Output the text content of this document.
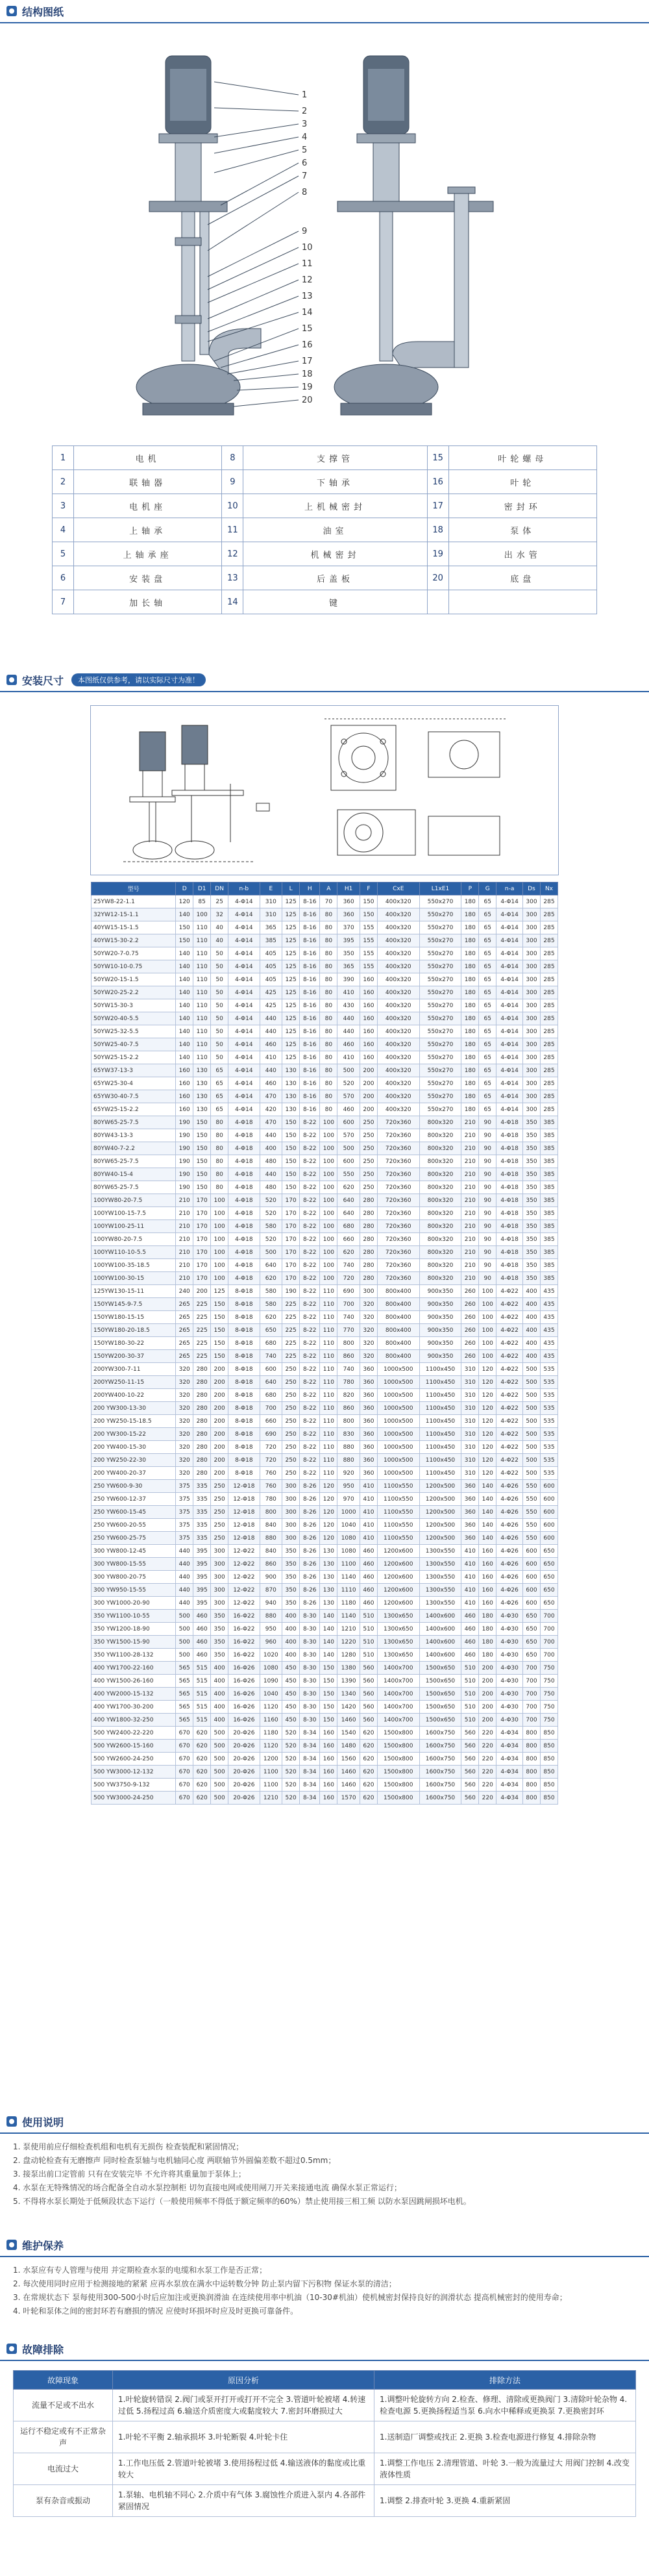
结构图纸
1
2
3
4
5
6
7
8
9
10
11
12
13
14
15
16
17
18
19
20
1	电机	8	支撑管	15	叶轮螺母
2	联轴器	9	下轴承	16	叶轮
3	电机座	10	上机械密封	17	密封环
4	上轴承	11	油室	18	泵体
5	上轴承座	12	机械密封	19	出水管
6	安装盘	13	后盖板	20	底盘
7	加长轴	14	键		
安装尺寸	本图纸仅供参考，请以实际尺寸为准！
型号	D	D1	DN	n-b	E	L	H	A	H1	F	CxE	L1xE1	P	G	n-a	Ds	Nx
25YW8-22-1.1	120	85	25	4-Φ14	310	125	8-16	70	360	150	400x320	550x270	180	65	4-Φ14	300	285
32YW12-15-1.1	140	100	32	4-Φ14	310	125	8-16	80	360	150	400x320	550x270	180	65	4-Φ14	300	285
40YW15-15-1.5	150	110	40	4-Φ14	365	125	8-16	80	370	155	400x320	550x270	180	65	4-Φ14	300	285
40YW15-30-2.2	150	110	40	4-Φ14	385	125	8-16	80	395	155	400x320	550x270	180	65	4-Φ14	300	285
50YW20-7-0.75	140	110	50	4-Φ14	405	125	8-16	80	350	155	400x320	550x270	180	65	4-Φ14	300	285
50YW10-10-0.75	140	110	50	4-Φ14	405	125	8-16	80	365	155	400x320	550x270	180	65	4-Φ14	300	285
50YW20-15-1.5	140	110	50	4-Φ14	405	125	8-16	80	390	160	400x320	550x270	180	65	4-Φ14	300	285
50YW20-25-2.2	140	110	50	4-Φ14	425	125	8-16	80	410	160	400x320	550x270	180	65	4-Φ14	300	285
50YW15-30-3	140	110	50	4-Φ14	425	125	8-16	80	430	160	400x320	550x270	180	65	4-Φ14	300	285
50YW20-40-5.5	140	110	50	4-Φ14	440	125	8-16	80	440	160	400x320	550x270	180	65	4-Φ14	300	285
50YW25-32-5.5	140	110	50	4-Φ14	440	125	8-16	80	440	160	400x320	550x270	180	65	4-Φ14	300	285
50YW25-40-7.5	140	110	50	4-Φ14	460	125	8-16	80	460	160	400x320	550x270	180	65	4-Φ14	300	285
50YW25-15-2.2	140	110	50	4-Φ14	410	125	8-16	80	410	160	400x320	550x270	180	65	4-Φ14	300	285
65YW37-13-3	160	130	65	4-Φ14	440	130	8-16	80	500	200	400x320	550x270	180	65	4-Φ14	300	285
65YW25-30-4	160	130	65	4-Φ14	460	130	8-16	80	520	200	400x320	550x270	180	65	4-Φ14	300	285
65YW30-40-7.5	160	130	65	4-Φ14	470	130	8-16	80	570	200	400x320	550x270	180	65	4-Φ14	300	285
65YW25-15-2.2	160	130	65	4-Φ14	420	130	8-16	80	460	200	400x320	550x270	180	65	4-Φ14	300	285
80YW65-25-7.5	190	150	80	4-Φ18	470	150	8-22	100	600	250	720x360	800x320	210	90	4-Φ18	350	385
80YW43-13-3	190	150	80	4-Φ18	440	150	8-22	100	570	250	720x360	800x320	210	90	4-Φ18	350	385
80YW40-7-2.2	190	150	80	4-Φ18	400	150	8-22	100	500	250	720x360	800x320	210	90	4-Φ18	350	385
80YW65-25-7.5	190	150	80	4-Φ18	480	150	8-22	100	600	250	720x360	800x320	210	90	4-Φ18	350	385
80YW40-15-4	190	150	80	4-Φ18	440	150	8-22	100	550	250	720x360	800x320	210	90	4-Φ18	350	385
80YW65-25-7.5	190	150	80	4-Φ18	480	150	8-22	100	620	250	720x360	800x320	210	90	4-Φ18	350	385
100YW80-20-7.5	210	170	100	4-Φ18	520	170	8-22	100	640	280	720x360	800x320	210	90	4-Φ18	350	385
100YW100-15-7.5	210	170	100	4-Φ18	520	170	8-22	100	640	280	720x360	800x320	210	90	4-Φ18	350	385
100YW100-25-11	210	170	100	4-Φ18	580	170	8-22	100	680	280	720x360	800x320	210	90	4-Φ18	350	385
100YW80-20-7.5	210	170	100	4-Φ18	520	170	8-22	100	660	280	720x360	800x320	210	90	4-Φ18	350	385
100YW110-10-5.5	210	170	100	4-Φ18	500	170	8-22	100	620	280	720x360	800x320	210	90	4-Φ18	350	385
100YW100-35-18.5	210	170	100	4-Φ18	640	170	8-22	100	740	280	720x360	800x320	210	90	4-Φ18	350	385
100YW100-30-15	210	170	100	4-Φ18	620	170	8-22	100	720	280	720x360	800x320	210	90	4-Φ18	350	385
125YW130-15-11	240	200	125	8-Φ18	580	190	8-22	110	690	300	800x400	900x350	260	100	4-Φ22	400	435
150YW145-9-7.5	265	225	150	8-Φ18	580	225	8-22	110	700	320	800x400	900x350	260	100	4-Φ22	400	435
150YW180-15-15	265	225	150	8-Φ18	620	225	8-22	110	740	320	800x400	900x350	260	100	4-Φ22	400	435
150YW180-20-18.5	265	225	150	8-Φ18	650	225	8-22	110	770	320	800x400	900x350	260	100	4-Φ22	400	435
150YW180-30-22	265	225	150	8-Φ18	680	225	8-22	110	800	320	800x400	900x350	260	100	4-Φ22	400	435
150YW200-30-37	265	225	150	8-Φ18	740	225	8-22	110	860	320	800x400	900x350	260	100	4-Φ22	400	435
200YW300-7-11	320	280	200	8-Φ18	600	250	8-22	110	740	360	1000x500	1100x450	310	120	4-Φ22	500	535
200YW250-11-15	320	280	200	8-Φ18	640	250	8-22	110	780	360	1000x500	1100x450	310	120	4-Φ22	500	535
200YW400-10-22	320	280	200	8-Φ18	680	250	8-22	110	820	360	1000x500	1100x450	310	120	4-Φ22	500	535
200 YW300-13-30	320	280	200	8-Φ18	700	250	8-22	110	860	360	1000x500	1100x450	310	120	4-Φ22	500	535
200 YW250-15-18.5	320	280	200	8-Φ18	660	250	8-22	110	800	360	1000x500	1100x450	310	120	4-Φ22	500	535
200 YW300-15-22	320	280	200	8-Φ18	690	250	8-22	110	830	360	1000x500	1100x450	310	120	4-Φ22	500	535
200 YW400-15-30	320	280	200	8-Φ18	720	250	8-22	110	880	360	1000x500	1100x450	310	120	4-Φ22	500	535
200 YW250-22-30	320	280	200	8-Φ18	720	250	8-22	110	880	360	1000x500	1100x450	310	120	4-Φ22	500	535
200 YW400-20-37	320	280	200	8-Φ18	760	250	8-22	110	920	360	1000x500	1100x450	310	120	4-Φ22	500	535
250 YW600-9-30	375	335	250	12-Φ18	760	300	8-26	120	950	410	1100x550	1200x500	360	140	4-Φ26	550	600
250 YW600-12-37	375	335	250	12-Φ18	780	300	8-26	120	970	410	1100x550	1200x500	360	140	4-Φ26	550	600
250 YW600-15-45	375	335	250	12-Φ18	800	300	8-26	120	1000	410	1100x550	1200x500	360	140	4-Φ26	550	600
250 YW600-20-55	375	335	250	12-Φ18	840	300	8-26	120	1040	410	1100x550	1200x500	360	140	4-Φ26	550	600
250 YW600-25-75	375	335	250	12-Φ18	880	300	8-26	120	1080	410	1100x550	1200x500	360	140	4-Φ26	550	600
300 YW800-12-45	440	395	300	12-Φ22	840	350	8-26	130	1080	460	1200x600	1300x550	410	160	4-Φ26	600	650
300 YW800-15-55	440	395	300	12-Φ22	860	350	8-26	130	1100	460	1200x600	1300x550	410	160	4-Φ26	600	650
300 YW800-20-75	440	395	300	12-Φ22	900	350	8-26	130	1140	460	1200x600	1300x550	410	160	4-Φ26	600	650
300 YW950-15-55	440	395	300	12-Φ22	870	350	8-26	130	1110	460	1200x600	1300x550	410	160	4-Φ26	600	650
300 YW1000-20-90	440	395	300	12-Φ22	940	350	8-26	130	1180	460	1200x600	1300x550	410	160	4-Φ26	600	650
350 YW1100-10-55	500	460	350	16-Φ22	880	400	8-30	140	1140	510	1300x650	1400x600	460	180	4-Φ30	650	700
350 YW1200-18-90	500	460	350	16-Φ22	950	400	8-30	140	1210	510	1300x650	1400x600	460	180	4-Φ30	650	700
350 YW1500-15-90	500	460	350	16-Φ22	960	400	8-30	140	1220	510	1300x650	1400x600	460	180	4-Φ30	650	700
350 YW1100-28-132	500	460	350	16-Φ22	1020	400	8-30	140	1280	510	1300x650	1400x600	460	180	4-Φ30	650	700
400 YW1700-22-160	565	515	400	16-Φ26	1080	450	8-30	150	1380	560	1400x700	1500x650	510	200	4-Φ30	700	750
400 YW1500-26-160	565	515	400	16-Φ26	1090	450	8-30	150	1390	560	1400x700	1500x650	510	200	4-Φ30	700	750
400 YW2000-15-132	565	515	400	16-Φ26	1040	450	8-30	150	1340	560	1400x700	1500x650	510	200	4-Φ30	700	750
400 YW1700-30-200	565	515	400	16-Φ26	1120	450	8-30	150	1420	560	1400x700	1500x650	510	200	4-Φ30	700	750
400 YW1800-32-250	565	515	400	16-Φ26	1160	450	8-30	150	1460	560	1400x700	1500x650	510	200	4-Φ30	700	750
500 YW2400-22-220	670	620	500	20-Φ26	1180	520	8-34	160	1540	620	1500x800	1600x750	560	220	4-Φ34	800	850
500 YW2600-15-160	670	620	500	20-Φ26	1120	520	8-34	160	1480	620	1500x800	1600x750	560	220	4-Φ34	800	850
500 YW2600-24-250	670	620	500	20-Φ26	1200	520	8-34	160	1560	620	1500x800	1600x750	560	220	4-Φ34	800	850
500 YW3000-12-132	670	620	500	20-Φ26	1100	520	8-34	160	1460	620	1500x800	1600x750	560	220	4-Φ34	800	850
500 YW3750-9-132	670	620	500	20-Φ26	1100	520	8-34	160	1460	620	1500x800	1600x750	560	220	4-Φ34	800	850
500 YW3000-24-250	670	620	500	20-Φ26	1210	520	8-34	160	1570	620	1500x800	1600x750	560	220	4-Φ34	800	850
使用说明

1. 泵使用前应仔细检查机组和电机有无损伤 检查装配和紧固情况；

2. 盘动轮检查有无磨擦声 同时检查泵轴与电机轴同心度 两联轴节外圆偏差数不超过0.5mm；

3. 接泵出前口定管前 只有在安装完毕 不允许将其重量加于泵体上；

4. 水泵在无特殊情况的场合配备全自动水泵控制柜 切勿直接电网或使用闸刀开关来接通电流 确保水泵正常运行；

5. 不得将水泵长期处于低频段状态下运行（一般使用频率不得低于额定频率的60%）禁止使用接三相工频 以防水泵因跳闸损坏电机。

维护保养

1. 水泵应有专人管理与使用 并定期检查水泵的电缆和水泵工作是否正常；

2. 每次使用同时应用于检测接地的紧紧 应再水泵放在满水中运转数分钟 防止泵内留下污积物 保证水泵的清洁；

3. 在常规状态下 泵每使用300-500小时后应加注或更换润滑油 在连续使用率中机油（10-30#机油）使机械密封保持良好的润滑状态 提高机械密封的使用寿命；

4. 叶轮和泵体之间的密封环若有磨损的情况 应使时环损坏时应及时更换可靠备件。

故障排除
故障现象	原因分析	排除方法
流量不足或不出水	1.叶轮旋转错误 2.阀门或泵开打开或打开不完全 3.管道叶轮被堵 4.转速过低 5.扬程过高 6.输送介质密度大或黏度较大 7.密封环磨损过大	1.调整叶轮旋转方向 2.检查、修理、清除或更换阀门 3.清除叶轮杂物 4.检查电源 5.更换扬程适当泵 6.向水中稀释或更换泵 7.更换密封环
运行不稳定或有不正常杂声	1.叶轮不平衡 2.轴承损坏 3.叶轮断裂 4.叶轮卡住	1.送制造厂调整或找正 2.更换 3.检查电源进行修复 4.排除杂物
电流过大	1.工作电压低 2.管道叶轮被堵 3.使用扬程过低 4.输送液体的黏度或比重较大	1.调整工作电压 2.清理管道、叶轮 3.一般为流量过大 用阀门控制 4.改变液体性质
泵有杂音或振动	1.泵轴、电机轴不同心 2.介质中有气体 3.腐蚀性介质进入泵内 4.各部件紧固情况	1.调整 2.排查叶轮 3.更换 4.重新紧固
